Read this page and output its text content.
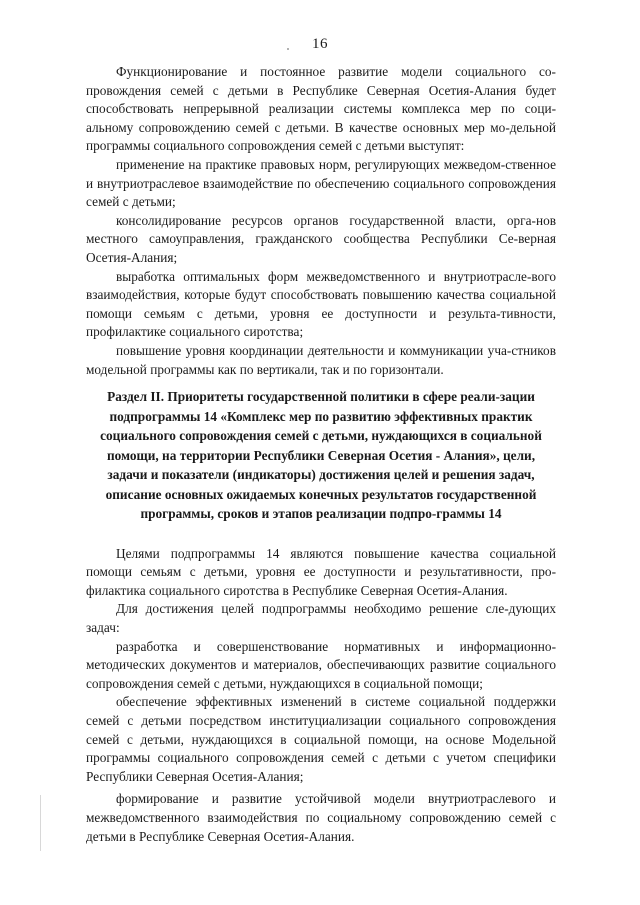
16

Функционирование и постоянное развитие модели социального со-провождения семей с детьми в Республике Северная Осетия-Алания будет способствовать непрерывной реализации системы комплекса мер по соци-альному сопровождению семей с детьми. В качестве основных мер мо-дельной программы социального сопровождения семей с детьми выступят:

применение на практике правовых норм, регулирующих межведом-ственное и внутриотраслевое взаимодействие по обеспечению социального сопровождения семей с детьми;

консолидирование ресурсов органов государственной власти, орга-нов местного самоуправления, гражданского сообщества Республики Се-верная Осетия-Алания;

выработка оптимальных форм межведомственного и внутриотрасле-вого взаимодействия, которые будут способствовать повышению качества социальной помощи семьям с детьми, уровня ее доступности и результа-тивности, профилактике социального сиротства;

повышение уровня координации деятельности и коммуникации уча-стников модельной программы как по вертикали, так и по горизонтали.

Раздел II. Приоритеты государственной политики в сфере реали-зации подпрограммы 14 «Комплекс мер по развитию эффективных практик социального сопровождения семей с детьми, нуждающихся в социальной помощи, на территории Республики Северная Осетия - Алания», цели, задачи и показатели (индикаторы) достижения целей и решения задач, описание основных ожидаемых конечных результатов государственной программы, сроков и этапов реализации подпро-граммы 14

Целями подпрограммы 14 являются повышение качества социальной помощи семьям с детьми, уровня ее доступности и результативности, про-филактика социального сиротства в Республике Северная Осетия-Алания.

Для достижения целей подпрограммы необходимо решение сле-дующих задач:

разработка и совершенствование нормативных и информационно-методических документов и материалов, обеспечивающих развитие социального сопровождения семей с детьми, нуждающихся в социальной помощи;

обеспечение эффективных изменений в системе социальной поддержки семей с детьми посредством институциализации социального сопровождения семей с детьми, нуждающихся в социальной помощи, на основе Модельной программы социального сопровождения семей с детьми с учетом специфики Республики Северная Осетия-Алания;

формирование и развитие устойчивой модели внутриотраслевого и межведомственного взаимодействия по социальному сопровождению семей с детьми в Республике Северная Осетия-Алания.
